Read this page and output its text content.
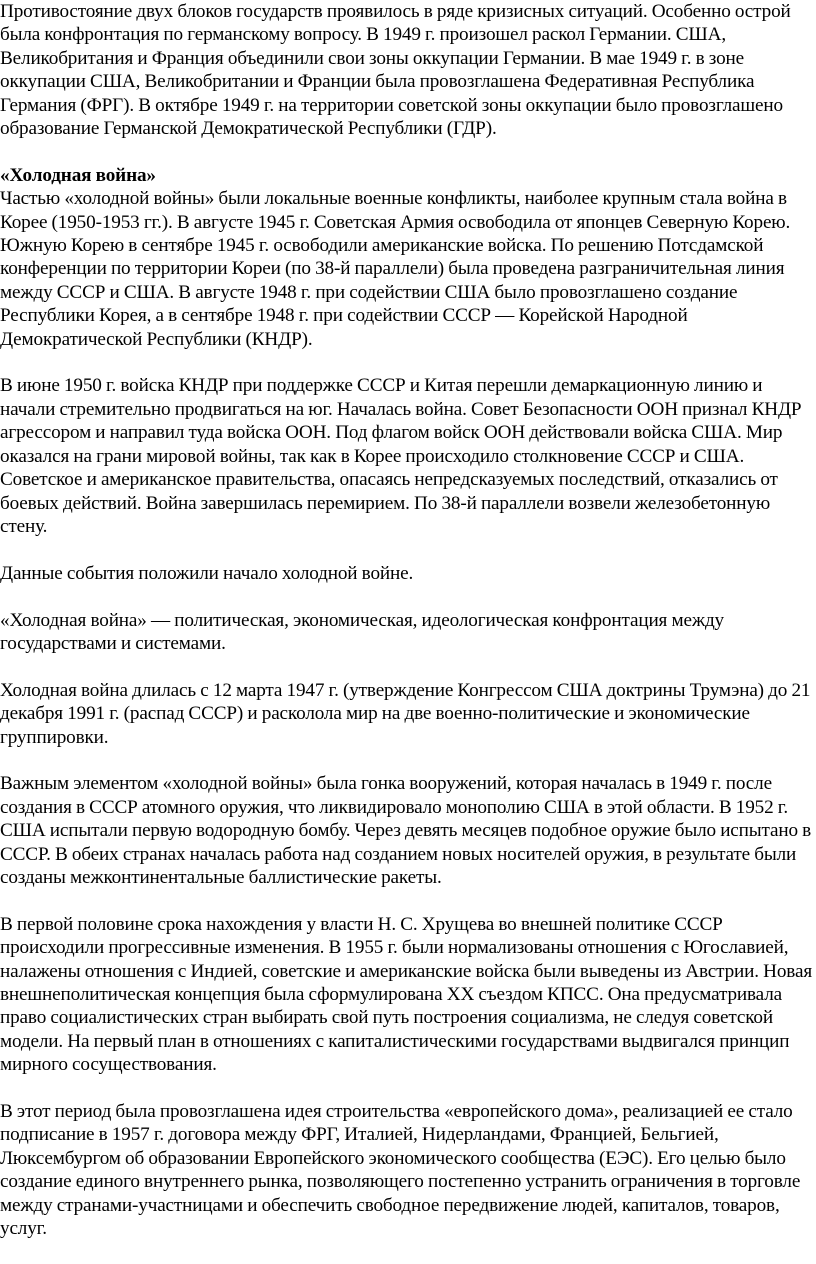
Противостояние двух блоков государств проявилось в ряде кризисных ситуаций. Особенно острой была конфронтация по германскому вопросу. В 1949 г. произошел раскол Германии. США, Великобритания и Франция объединили свои зоны оккупации Германии. В мае 1949 г. в зоне оккупации США, Великобритании и Франции была провозглашена Федеративная Республика Германия (ФРГ). В октябре 1949 г. на территории советской зоны оккупации было провозглашено образование Германской Демократической Республики (ГДР).

«Холодная война»
Частью «холодной войны» были локальные военные конфликты, наиболее крупным стала война в Корее (1950-1953 гг.). В августе 1945 г. Советская Армия освободила от японцев Северную Корею. Южную Корею в сентябре 1945 г. освободили американские войска. По решению Потсдамской конференции по территории Кореи (по 38-й параллели) была проведена разграничительная линия между СССР и США. В августе 1948 г. при содействии США было провозглашено создание Республики Корея, а в сентябре 1948 г. при содействии СССР — Корейской Народной Демократической Республики (КНДР).

В июне 1950 г. войска КНДР при поддержке СССР и Китая перешли демаркационную линию и начали стремительно продвигаться на юг. Началась война. Совет Безопасности ООН признал КНДР агрессором и направил туда войска ООН. Под флагом войск ООН действовали войска США. Мир оказался на грани мировой войны, так как в Корее происходило столкновение СССР и США. Советское и американское правительства, опасаясь непредсказуемых последствий, отказались от боевых действий. Война завершилась перемирием. По 38-й параллели возвели железобетонную стену.

Данные события положили начало холодной войне.

«Холодная война» — политическая, экономическая, идеологическая конфронтация между государствами и системами.

Холодная война длилась с 12 марта 1947 г. (утверждение Конгрессом США доктрины Трумэна) до 21 декабря 1991 г. (распад СССР) и расколола мир на две военно-политические и экономические группировки.

Важным элементом «холодной войны» была гонка вооружений, которая началась в 1949 г. после создания в СССР атомного оружия, что ликвидировало монополию США в этой области. В 1952 г. США испытали первую водородную бомбу. Через девять месяцев подобное оружие было испытано в СССР. В обеих странах началась работа над созданием новых носителей оружия, в результате были созданы межконтинентальные баллистические ракеты.

В первой половине срока нахождения у власти Н. С. Хрущева во внешней политике СССР происходили прогрессивные изменения. В 1955 г. были нормализованы отношения с Югославией, налажены отношения с Индией, советские и американские войска были выведены из Австрии. Новая внешнеполитическая концепция была сформулирована XX съездом КПСС. Она предусматривала право социалистических стран выбирать свой путь построения социализма, не следуя советской модели. На первый план в отношениях с капиталистическими государствами выдвигался принцип мирного сосуществования.

В этот период была провозглашена идея строительства «европейского дома», реализацией ее стало подписание в 1957 г. договора между ФРГ, Италией, Нидерландами, Францией, Бельгией, Люксембургом об образовании Европейского экономического сообщества (ЕЭС). Его целью было создание единого внутреннего рынка, позволяющего постепенно устранить ограничения в торговле между странами-участницами и обеспечить свободное передвижение людей, капиталов, товаров, услуг.
